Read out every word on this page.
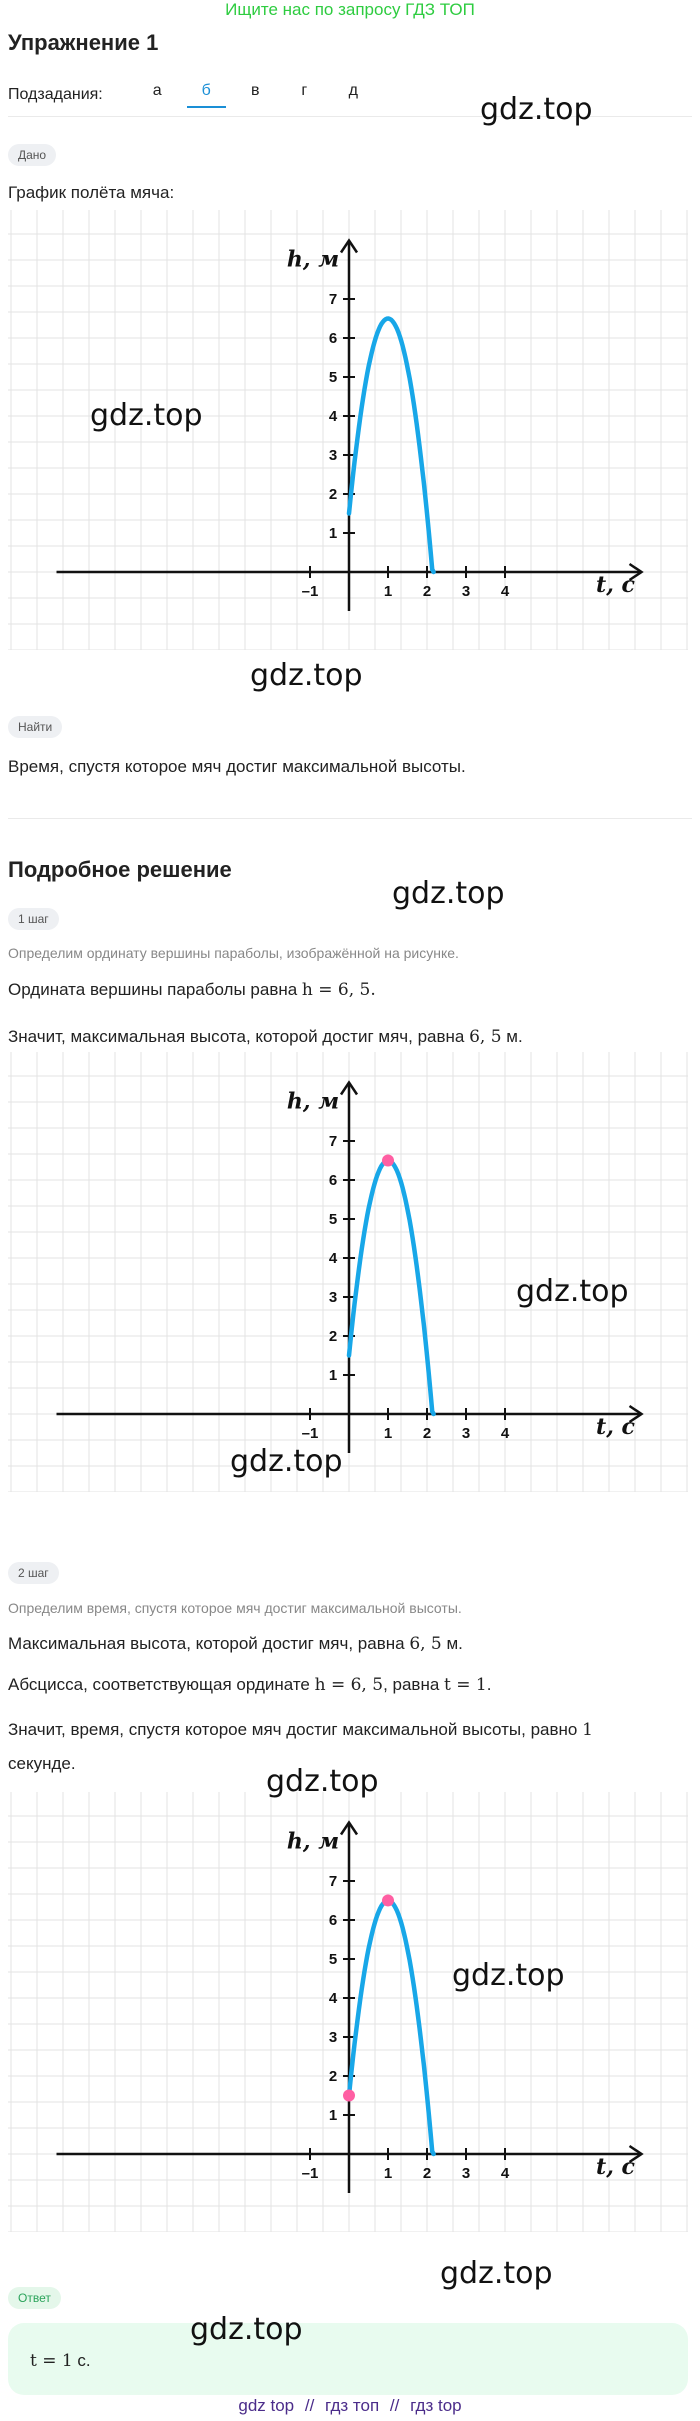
Ищите нас по запросу ГДЗ ТОП
Упражнение 1
Подзадания:	а	б	в	г	д
Дано
График полёта мяча:
–1	1 2 3 4
1
2
3
4
5
6
7
t, c
h, м
Найти
Время, спустя которое мяч достиг максимальной высоты.
Подробное решение
1 шаг
Определим ординату вершины параболы, изображённой на рисунке.
Ордината вершины параболы равна h = 6, 5.
Значит, максимальная высота, которой достиг мяч, равна 6, 5 м.
–1	1 2 3 4
1
2
3
4
5
6
7
t, c
h, м
2 шаг
Определим время, спустя которое мяч достиг максимальной высоты.
Максимальная высота, которой достиг мяч, равна 6, 5 м.
Абсцисса, соответствующая ординате h = 6, 5, равна t = 1.
Значит, время, спустя которое мяч достиг максимальной высоты, равно 1
секунде.
–1	1 2 3 4
1
2
3
4
5
6
7
t, c
h, м
Ответ
t = 1 с.
gdz.top
gdz.top
gdz.top
gdz.top
gdz.top
gdz.top
gdz.top
gdz.top
gdz.top
gdz.top
gdz top // гдз топ // гдз top
